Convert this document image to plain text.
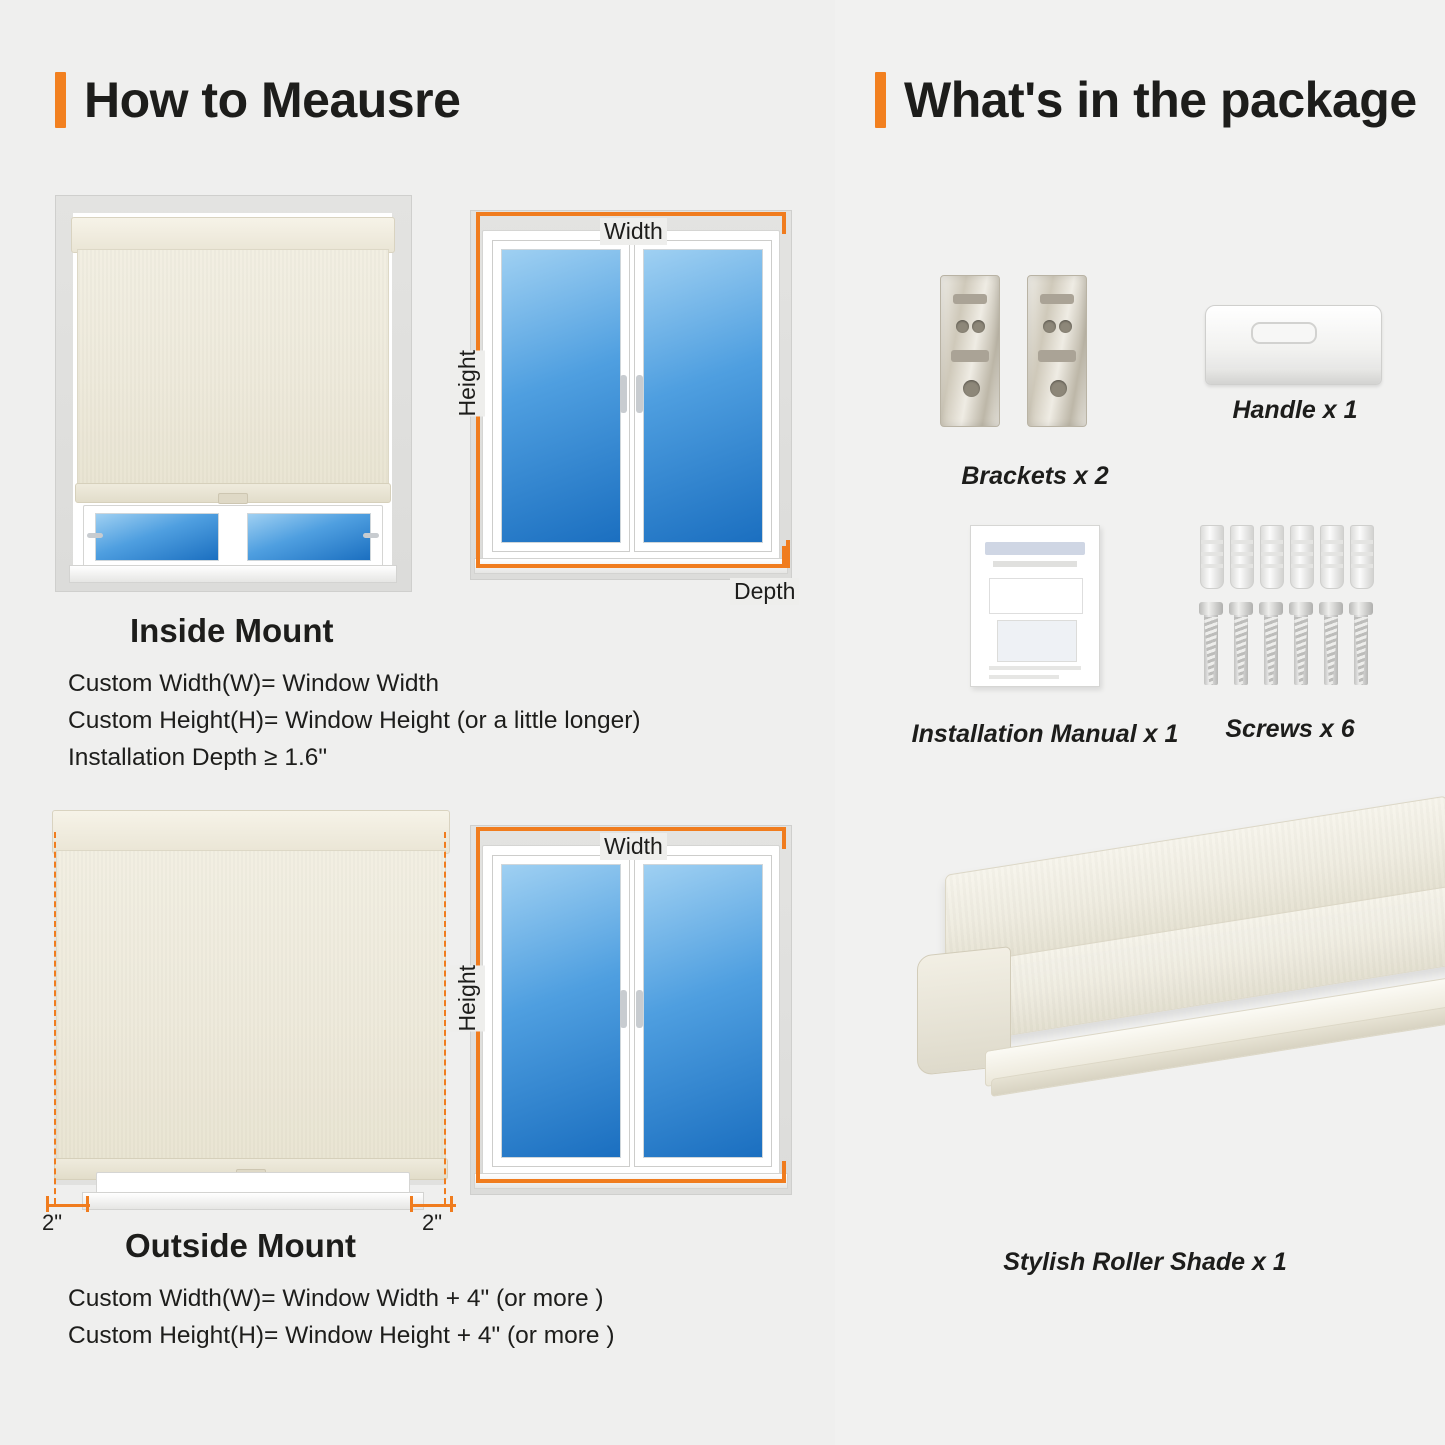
How to Meausre
Width
Height
Depth
Inside Mount
Custom Width(W)= Window Width
Custom Height(H)= Window Height (or a little longer)
Installation Depth ≥ 1.6"
2"	2"
Width
Height
Outside Mount
Custom Width(W)= Window Width + 4" (or more )
Custom Height(H)= Window Height + 4" (or more )
What's in the package
Brackets x 2
Handle x 1
Installation Manual x 1	Screws x 6
Stylish Roller Shade x 1
